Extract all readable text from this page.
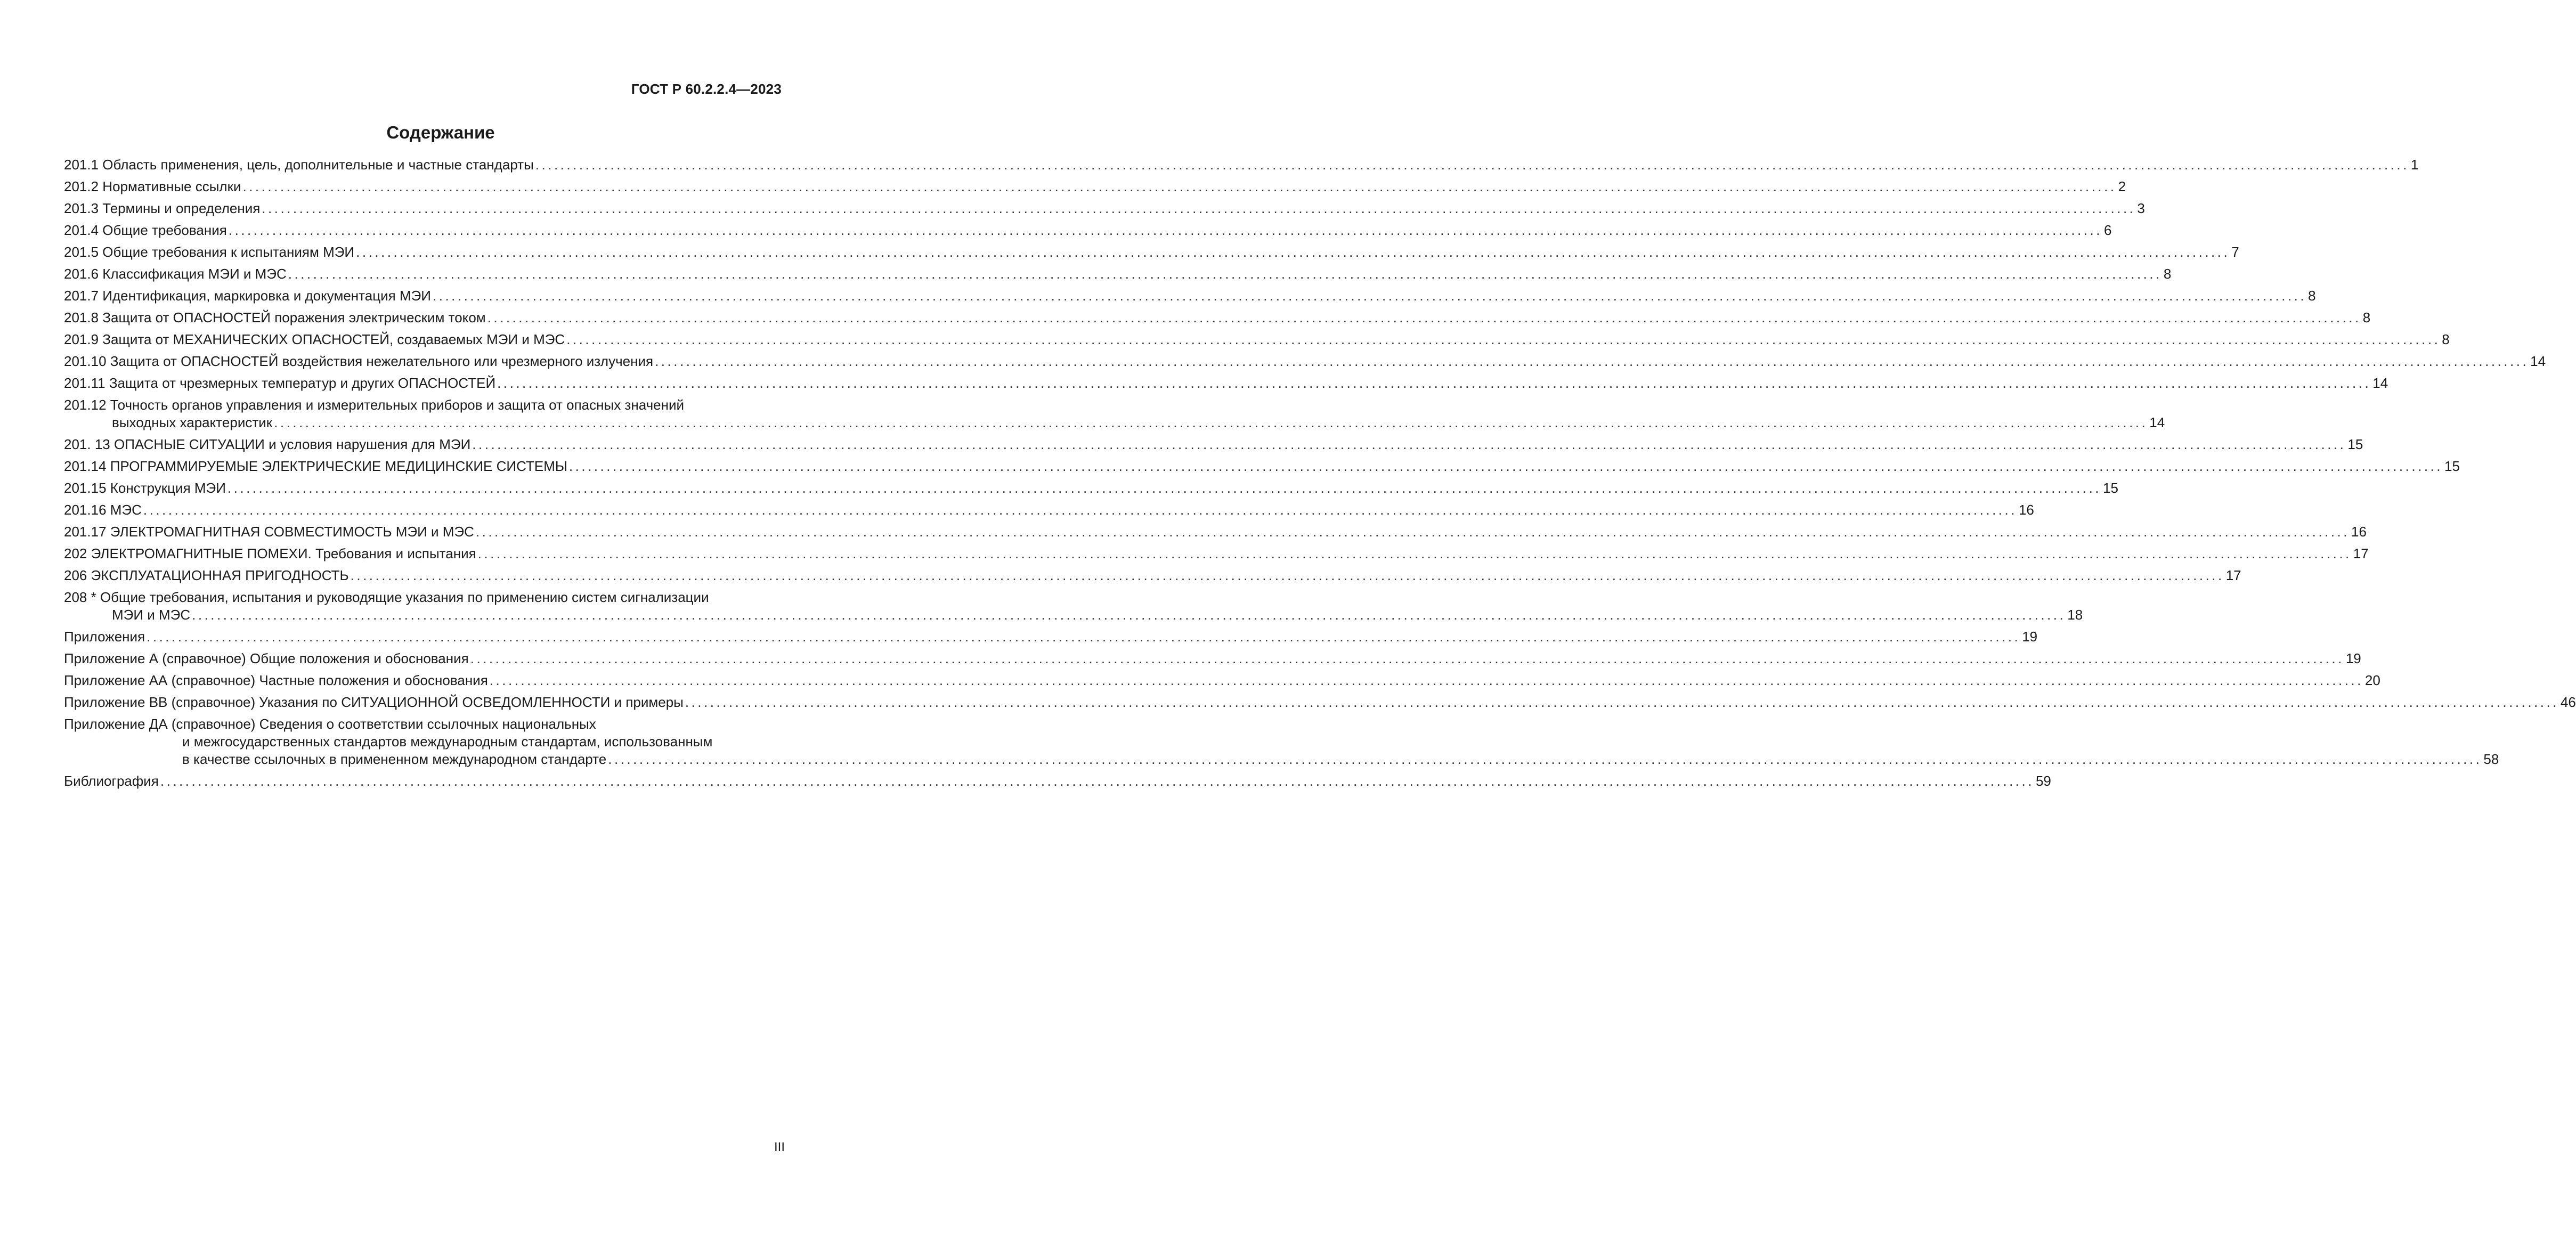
ГОСТ Р 60.2.2.4—2023
Содержание
201.1 Область применения, цель, дополнительные и частные стандарты ............................................................................................................................................................................................................................................................................................................ 1
201.2 Нормативные ссылки ............................................................................................................................................................................................................................................................................................................ 2
201.3 Термины и определения ............................................................................................................................................................................................................................................................................................................ 3
201.4 Общие требования ............................................................................................................................................................................................................................................................................................................ 6
201.5 Общие требования к испытаниям МЭИ ............................................................................................................................................................................................................................................................................................................ 7
201.6 Классификация МЭИ и МЭС ............................................................................................................................................................................................................................................................................................................ 8
201.7 Идентификация, маркировка и документация МЭИ ............................................................................................................................................................................................................................................................................................................ 8
201.8 Защита от ОПАСНОСТЕЙ поражения электрическим током ............................................................................................................................................................................................................................................................................................................ 8
201.9 Защита от МЕХАНИЧЕСКИХ ОПАСНОСТЕЙ, создаваемых МЭИ и МЭС ............................................................................................................................................................................................................................................................................................................ 8
201.10 Защита от ОПАСНОСТЕЙ воздействия нежелательного или чрезмерного излучения ............................................................................................................................................................................................................................................................................................................ 14
201.11 Защита от чрезмерных температур и других ОПАСНОСТЕЙ ............................................................................................................................................................................................................................................................................................................ 14
201.12 Точность органов управления и измерительных приборов и защита от опасных значений
выходных характеристик ............................................................................................................................................................................................................................................................................................................ 14
201. 13 ОПАСНЫЕ СИТУАЦИИ и условия нарушения для МЭИ ............................................................................................................................................................................................................................................................................................................ 15
201.14 ПРОГРАММИРУЕМЫЕ ЭЛЕКТРИЧЕСКИЕ МЕДИЦИНСКИЕ СИСТЕМЫ ............................................................................................................................................................................................................................................................................................................ 15
201.15 Конструкция МЭИ ............................................................................................................................................................................................................................................................................................................ 15
201.16 МЭС ............................................................................................................................................................................................................................................................................................................ 16
201.17 ЭЛЕКТРОМАГНИТНАЯ СОВМЕСТИМОСТЬ МЭИ и МЭС ............................................................................................................................................................................................................................................................................................................ 16
202 ЭЛЕКТРОМАГНИТНЫЕ ПОМЕХИ. Требования и испытания ............................................................................................................................................................................................................................................................................................................ 17
206 ЭКСПЛУАТАЦИОННАЯ ПРИГОДНОСТЬ ............................................................................................................................................................................................................................................................................................................ 17
208 * Общие требования, испытания и руководящие указания по применению систем сигнализации
МЭИ и МЭС ............................................................................................................................................................................................................................................................................................................ 18
Приложения ............................................................................................................................................................................................................................................................................................................ 19
Приложение А (справочное) Общие положения и обоснования ............................................................................................................................................................................................................................................................................................................ 19
Приложение АА (справочное) Частные положения и обоснования ............................................................................................................................................................................................................................................................................................................ 20
Приложение ВВ (справочное) Указания по СИТУАЦИОННОЙ ОСВЕДОМЛЕННОСТИ и примеры ............................................................................................................................................................................................................................................................................................................ 46
Приложение ДА (справочное) Сведения о соответствии ссылочных национальных
и межгосударственных стандартов международным стандартам, использованным
в качестве ссылочных в примененном международном стандарте ............................................................................................................................................................................................................................................................................................................ 58
Библиография ............................................................................................................................................................................................................................................................................................................ 59
III
